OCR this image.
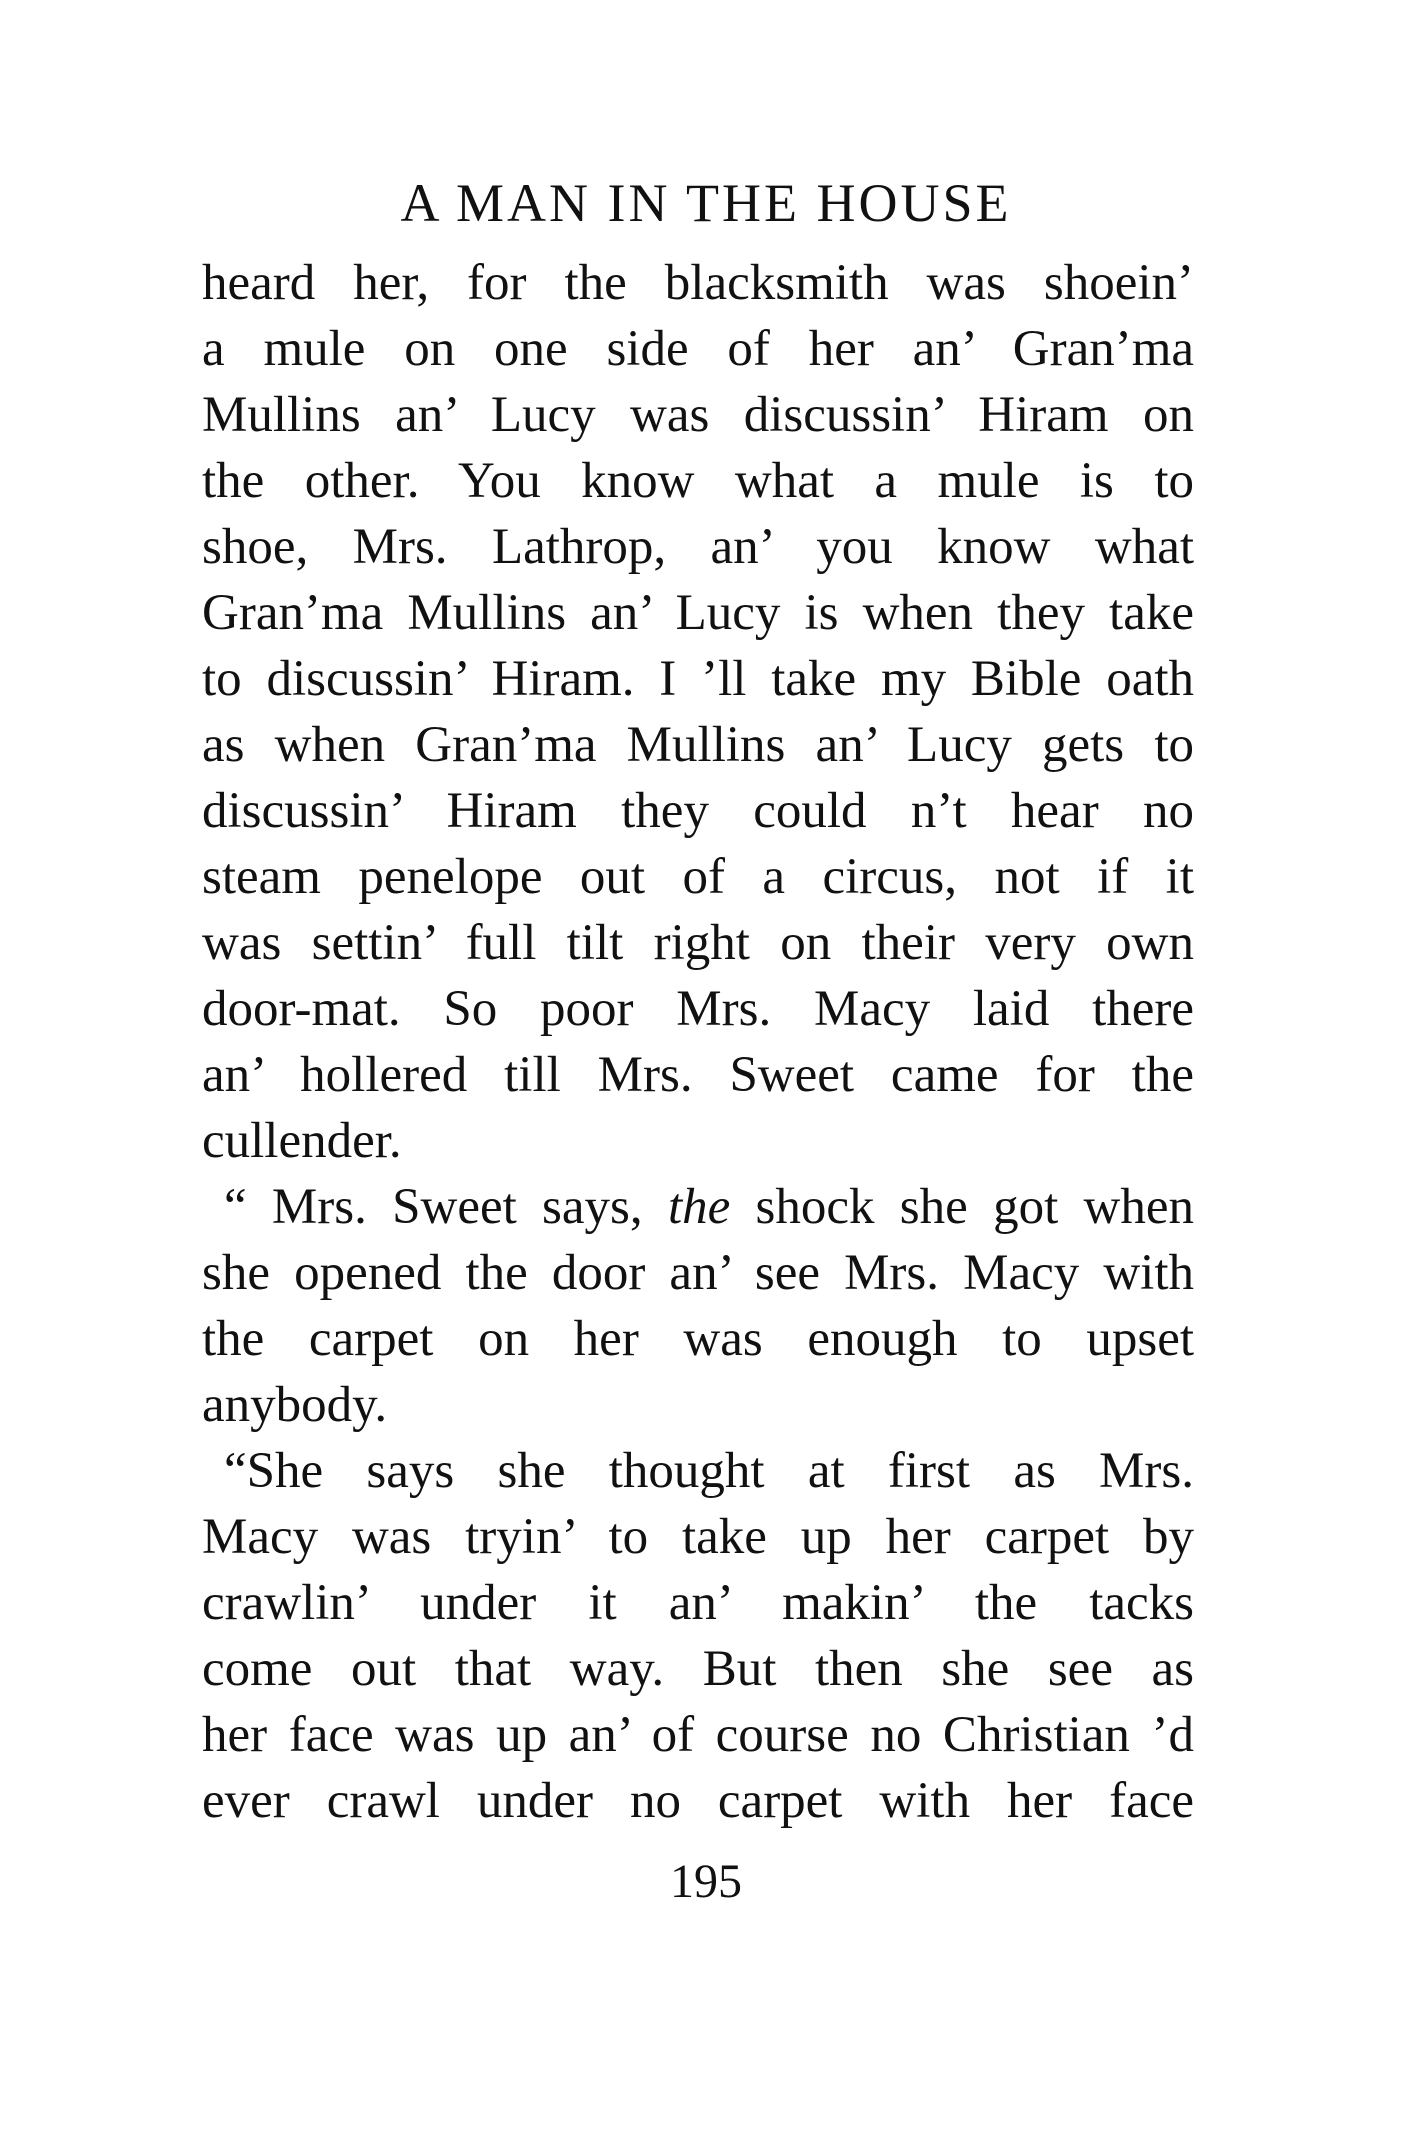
A MAN IN THE HOUSE
heard her, for the blacksmith was shoein’
a mule on one side of her an’ Gran’ma
Mullins an’ Lucy was discussin’ Hiram on
the other. You know what a mule is to
shoe, Mrs. Lathrop, an’ you know what
Gran’ma Mullins an’ Lucy is when they take
to discussin’ Hiram. I ’ll take my Bible oath
as when Gran’ma Mullins an’ Lucy gets to
discussin’ Hiram they could n’t hear no
steam penelope out of a circus, not if it
was settin’ full tilt right on their very own
door-mat. So poor Mrs. Macy laid there
an’ hollered till Mrs. Sweet came for the
cullender.
“ Mrs. Sweet says, the shock she got when
she opened the door an’ see Mrs. Macy with
the carpet on her was enough to upset
anybody.
“She says she thought at first as Mrs.
Macy was tryin’ to take up her carpet by
crawlin’ under it an’ makin’ the tacks
come out that way. But then she see as
her face was up an’ of course no Christian ’d
ever crawl under no carpet with her face
195
